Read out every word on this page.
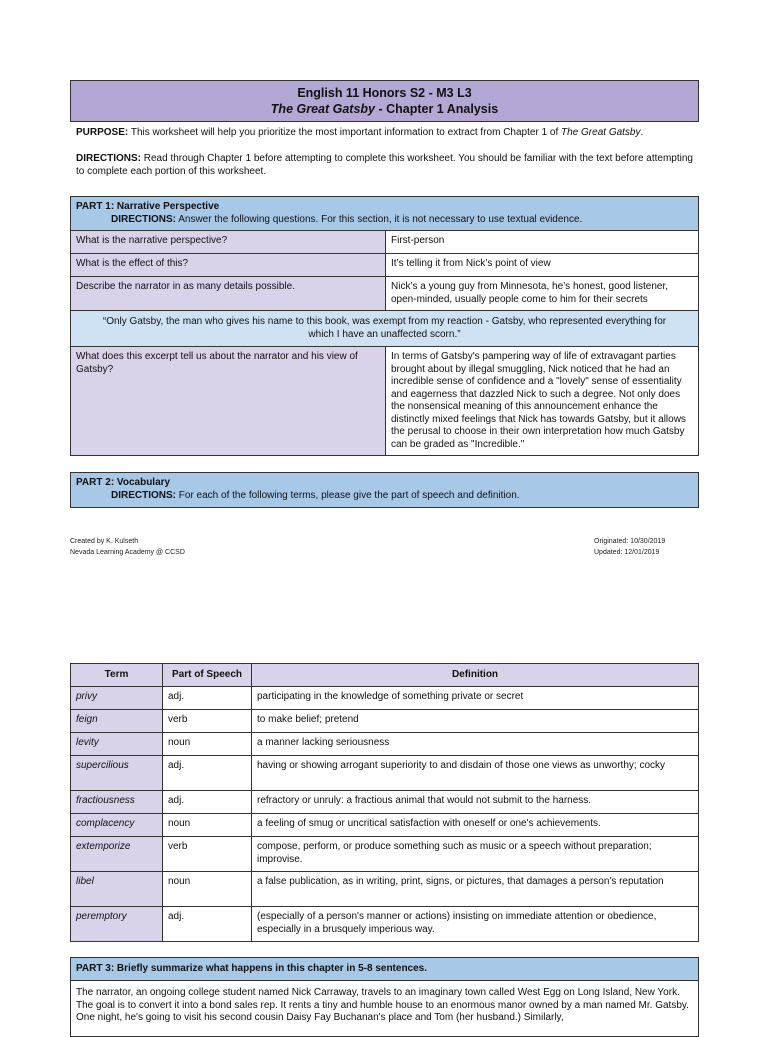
English 11 Honors S2 - M3 L3
The Great Gatsby - Chapter 1 Analysis
PURPOSE: This worksheet will help you prioritize the most important information to extract from Chapter 1 of The Great Gatsby.
DIRECTIONS: Read through Chapter 1 before attempting to complete this worksheet. You should be familiar with the text before attempting to complete each portion of this worksheet.
PART 1: Narrative Perspective
DIRECTIONS: Answer the following questions. For this section, it is not necessary to use textual evidence.	

What is the narrative perspective?	First-person
What is the effect of this?	It’s telling it from Nick’s point of view
Describe the narrator in as many details possible.	Nick’s a young guy from Minnesota, he’s honest, good listener, open-minded, usually people come to him for their secrets
“Only Gatsby, the man who gives his name to this book, was exempt from my reaction - Gatsby, who represented everything for which I have an unaffected scorn.”	
What does this excerpt tell us about the narrator and his view of Gatsby?	In terms of Gatsby's pampering way of life of extravagant parties brought about by illegal smuggling, Nick noticed that he had an incredible sense of confidence and a "lovely" sense of essentiality and eagerness that dazzled Nick to such a degree. Not only does the nonsensical meaning of this announcement enhance the distinctly mixed feelings that Nick has towards Gatsby, but it allows the perusal to choose in their own interpretation how much Gatsby can be graded as "Incredible."
PART 2: Vocabulary
DIRECTIONS: For each of the following terms, please give the part of speech and definition.
Created by K. Kulseth
Nevada Learning Academy @ CCSD
Originated: 10/30/2019
Updated: 12/01/2019
Term	Part of Speech	Definition
privy	adj.	participating in the knowledge of something private or secret
feign	verb	to make belief; pretend
levity	noun	a manner lacking seriousness
supercilious	adj.	having or showing arrogant superiority to and disdain of those one views as unworthy; cocky
fractiousness	adj.	refractory or unruly: a fractious animal that would not submit to the harness.
complacency	noun	a feeling of smug or uncritical satisfaction with oneself or one's achievements.
extemporize	verb	compose, perform, or produce something such as music or a speech without preparation; improvise.
libel	noun	a false publication, as in writing, print, signs, or pictures, that damages a person's reputation
peremptory	adj.	(especially of a person's manner or actions) insisting on immediate attention or obedience, especially in a brusquely imperious way.
PART 3: Briefly summarize what happens in this chapter in 5-8 sentences.
The narrator, an ongoing college student named Nick Carraway, travels to an imaginary town called West Egg on Long Island, New York. The goal is to convert it into a bond sales rep. It rents a tiny and humble house to an enormous manor owned by a man named Mr. Gatsby. One night, he's going to visit his second cousin Daisy Fay Buchanan's place and Tom (her husband.) Similarly,
